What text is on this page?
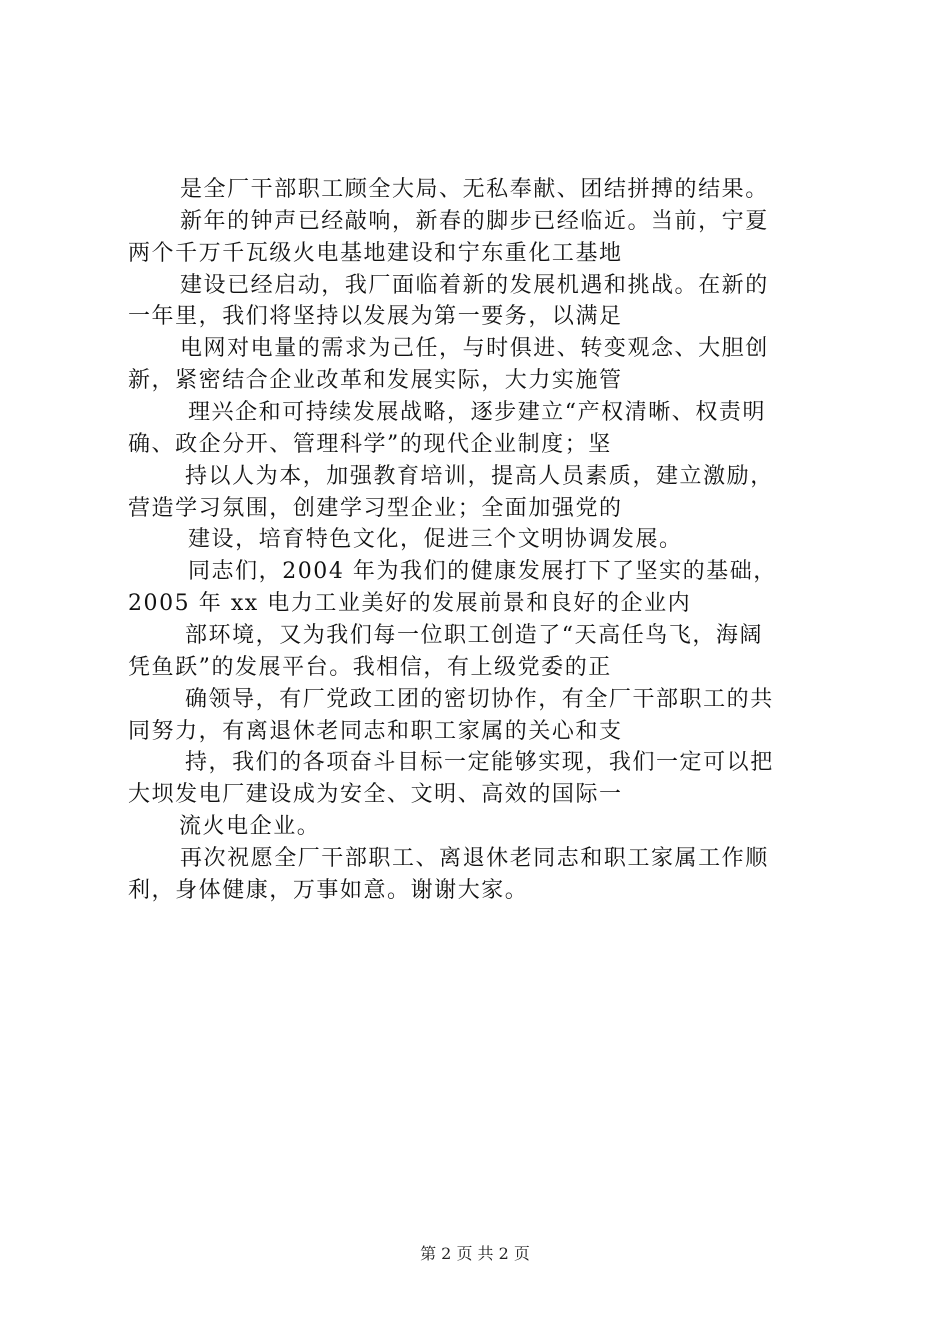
是全厂干部职工顾全大局、无私奉献、团结拼搏的结果。
新年的钟声已经敲响，新春的脚步已经临近。当前，宁夏
两个千万千瓦级火电基地建设和宁东重化工基地
建设已经启动，我厂面临着新的发展机遇和挑战。在新的
一年里，我们将坚持以发展为第一要务，以满足
电网对电量的需求为己任，与时俱进、转变观念、大胆创
新，紧密结合企业改革和发展实际，大力实施管
理兴企和可持续发展战略，逐步建立“产权清晰、权责明
确、政企分开、管理科学”的现代企业制度；坚
持以人为本，加强教育培训，提高人员素质，建立激励，
营造学习氛围，创建学习型企业；全面加强党的
建设，培育特色文化，促进三个文明协调发展。
同志们，2004 年为我们的健康发展打下了坚实的基础，
2005 年 xx 电力工业美好的发展前景和良好的企业内
部环境，又为我们每一位职工创造了“天高任鸟飞，海阔
凭鱼跃”的发展平台。我相信，有上级党委的正
确领导，有厂党政工团的密切协作，有全厂干部职工的共
同努力，有离退休老同志和职工家属的关心和支
持，我们的各项奋斗目标一定能够实现，我们一定可以把
大坝发电厂建设成为安全、文明、高效的国际一
流火电企业。
再次祝愿全厂干部职工、离退休老同志和职工家属工作顺
利，身体健康，万事如意。谢谢大家。
第 2 页 共 2 页
